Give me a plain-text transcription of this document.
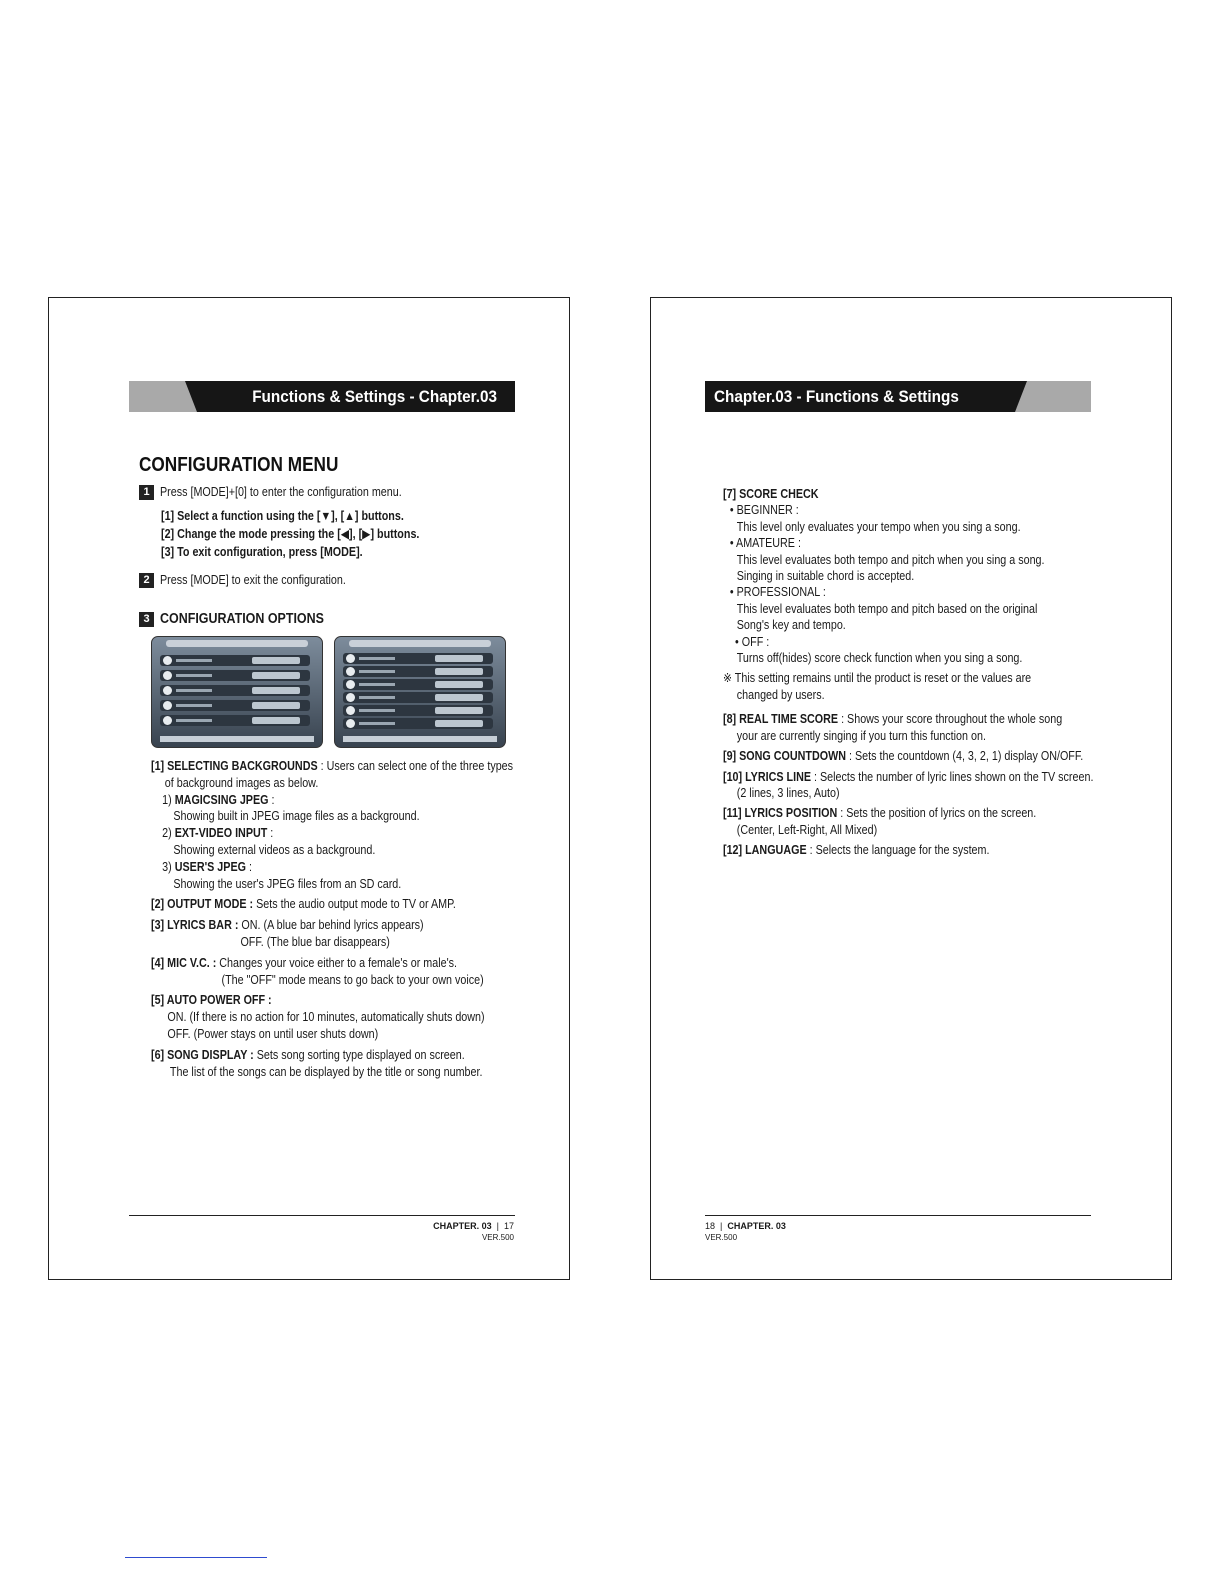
Functions & Settings - Chapter.03
CONFIGURATION MENU
1 Press [MODE]+[0] to enter the configuration menu.
[1] Select a function using the [▼], [▲] buttons.
[2] Change the mode pressing the [◀], [▶] buttons.
[3] To exit configuration, press [MODE].
2 Press [MODE] to exit the configuration.
3 CONFIGURATION OPTIONS

[1] SELECTING BACKGROUNDS : Users can select one of the three types

of background images as below.

1) MAGICSING JPEG :

Showing built in JPEG image files as a background.

2) EXT-VIDEO INPUT :

Showing external videos as a background.

3) USER'S JPEG :

Showing the user's JPEG files from an SD card.

[2] OUTPUT MODE : Sets the audio output mode to TV or AMP.

[3] LYRICS BAR : ON. (A blue bar behind lyrics appears)

OFF. (The blue bar disappears)

[4] MIC V.C. : Changes your voice either to a female's or male's.

(The "OFF" mode means to go back to your own voice)

[5] AUTO POWER OFF :

ON. (If there is no action for 10 minutes, automatically shuts down)

OFF. (Power stays on until user shuts down)

[6] SONG DISPLAY : Sets song sorting type displayed on screen.

The list of the songs can be displayed by the title or song number.

CHAPTER. 03  |  17
VER.500
Chapter.03 - Functions & Settings

[7] SCORE CHECK

• BEGINNER :

This level only evaluates your tempo when you sing a song.

• AMATEURE :

This level evaluates both tempo and pitch when you sing a song.

Singing in suitable chord is accepted.

• PROFESSIONAL :

This level evaluates both tempo and pitch based on the original

Song's key and tempo.

• OFF :

Turns off(hides) score check function when you sing a song.

※ This setting remains until the product is reset or the values are

changed by users.

[8] REAL TIME SCORE : Shows your score throughout the whole song

your are currently singing if you turn this function on.

[9] SONG COUNTDOWN : Sets the countdown (4, 3, 2, 1) display ON/OFF.

[10] LYRICS LINE : Selects the number of lyric lines shown on the TV screen.

(2 lines, 3 lines, Auto)

[11] LYRICS POSITION : Sets the position of lyrics on the screen.

(Center, Left-Right, All Mixed)

[12] LANGUAGE : Selects the language for the system.

18  |  CHAPTER. 03
VER.500
